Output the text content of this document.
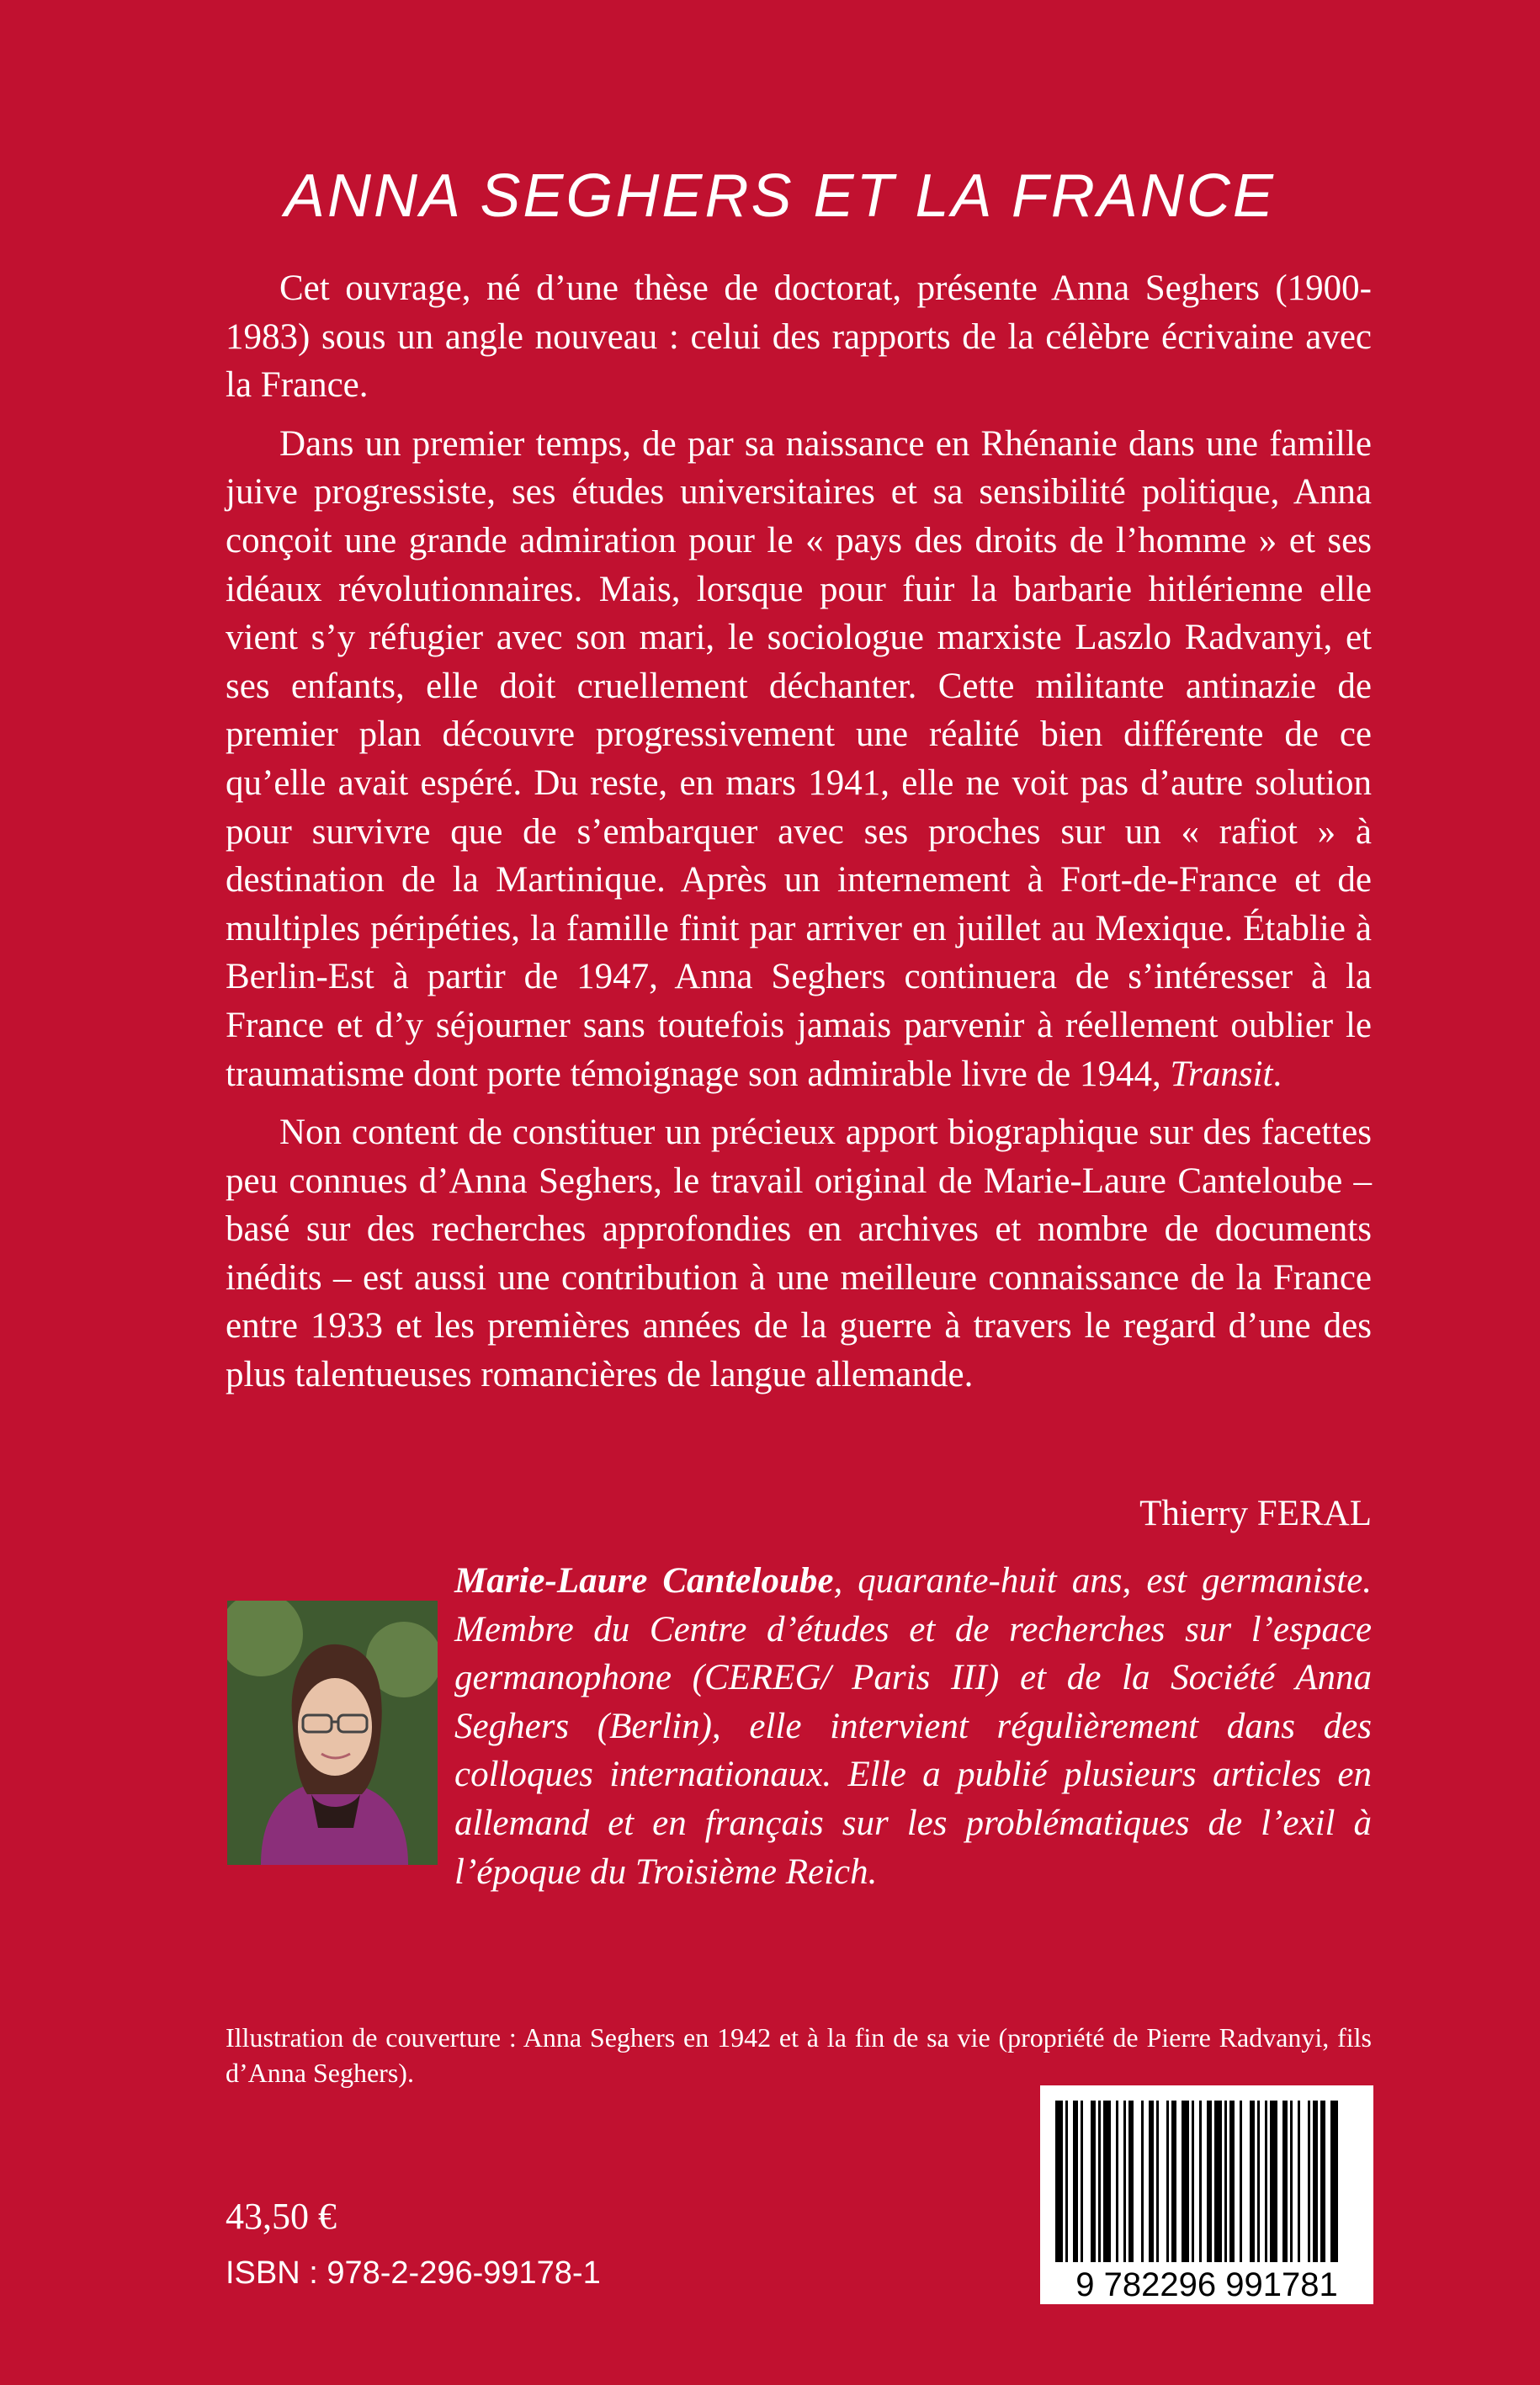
ANNA SEGHERS ET LA FRANCE

Cet ouvrage, né d’une thèse de doctorat, présente Anna Seghers (1900-1983) sous un angle nouveau : celui des rapports de la célèbre écrivaine avec la France.

Dans un premier temps, de par sa naissance en Rhénanie dans une famille juive progressiste, ses études universitaires et sa sensibilité politique, Anna conçoit une grande admiration pour le « pays des droits de l’homme » et ses idéaux révolutionnaires. Mais, lorsque pour fuir la barbarie hitlérienne elle vient s’y réfugier avec son mari, le sociologue marxiste Laszlo Radvanyi, et ses enfants, elle doit cruellement déchanter. Cette militante antinazie de premier plan découvre progressivement une réalité bien différente de ce qu’elle avait espéré. Du reste, en mars 1941, elle ne voit pas d’autre solution pour survivre que de s’embarquer avec ses proches sur un « rafiot » à destination de la Martinique. Après un internement à Fort-de-France et de multiples péripéties, la famille finit par arriver en juillet au Mexique. Établie à Berlin-Est à partir de 1947, Anna Seghers continuera de s’intéresser à la France et d’y séjourner sans toutefois jamais parvenir à réellement oublier le traumatisme dont porte témoignage son admirable livre de 1944, Transit.

Non content de constituer un précieux apport biographique sur des facettes peu connues d’Anna Seghers, le travail original de Marie-Laure Canteloube – basé sur des recherches approfondies en archives et nombre de documents inédits – est aussi une contribution à une meilleure connaissance de la France entre 1933 et les premières années de la guerre à travers le regard d’une des plus talentueuses romancières de langue allemande.

Thierry FERAL
Marie-Laure Canteloube, quarante-huit ans, est germaniste. Membre du Centre d’études et de recherches sur l’espace germanophone (CEREG/ Paris III) et de la Société Anna Seghers (Berlin), elle intervient régulièrement dans des colloques internationaux. Elle a publié plusieurs articles en allemand et en français sur les problématiques de l’exil à l’époque du Troisième Reich.
Illustration de couverture : Anna Seghers en 1942 et à la fin de sa vie (propriété de Pierre Radvanyi, fils d’Anna Seghers).
43,50 €
ISBN : 978-2-296-99178-1	9 782296 991781
